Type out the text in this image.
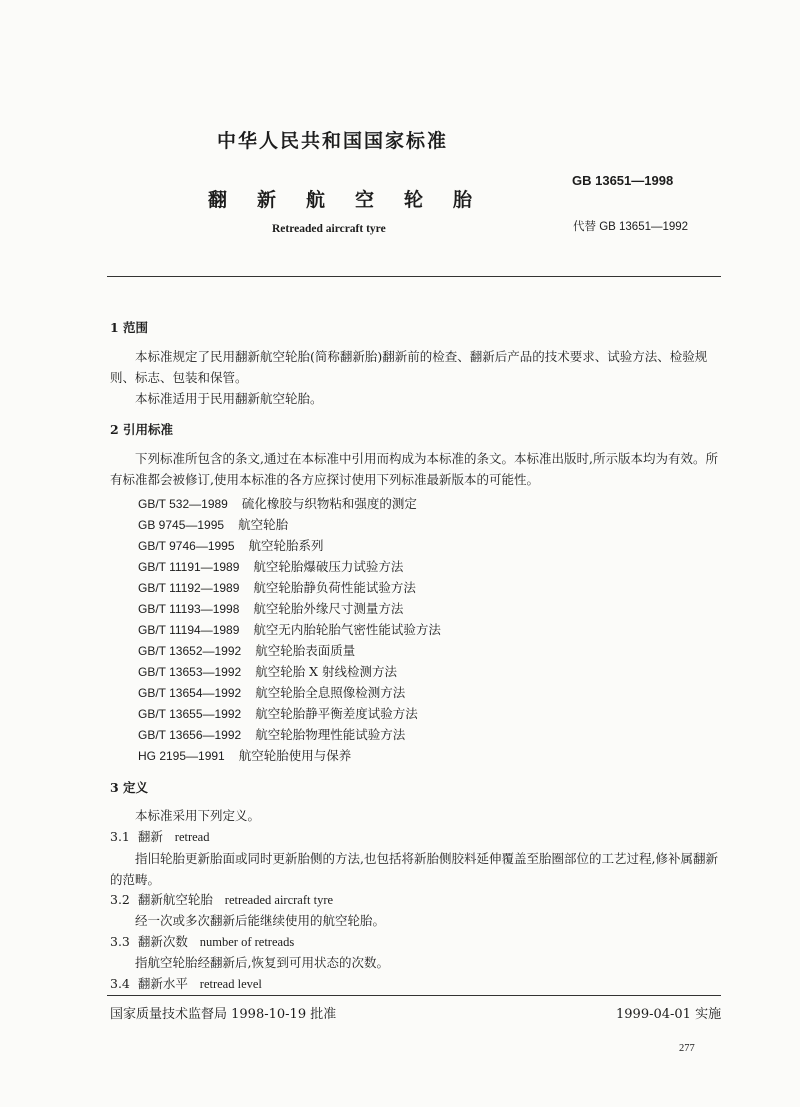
中华人民共和国国家标准
翻新航空轮胎
Retreaded aircraft tyre
GB 13651—1998
代替 GB 13651—1992
1 范围
本标准规定了民用翻新航空轮胎(简称翻新胎)翻新前的检查、翻新后产品的技术要求、试验方法、检验规则、标志、包装和保管。
本标准适用于民用翻新航空轮胎。
2 引用标准
下列标准所包含的条文,通过在本标准中引用而构成为本标准的条文。本标准出版时,所示版本均为有效。所有标准都会被修订,使用本标准的各方应探讨使用下列标准最新版本的可能性。
GB/T 532—1989 硫化橡胶与织物粘和强度的测定
GB 9745—1995 航空轮胎
GB/T 9746—1995 航空轮胎系列
GB/T 11191—1989 航空轮胎爆破压力试验方法
GB/T 11192—1989 航空轮胎静负荷性能试验方法
GB/T 11193—1998 航空轮胎外缘尺寸测量方法
GB/T 11194—1989 航空无内胎轮胎气密性能试验方法
GB/T 13652—1992 航空轮胎表面质量
GB/T 13653—1992 航空轮胎 X 射线检测方法
GB/T 13654—1992 航空轮胎全息照像检测方法
GB/T 13655—1992 航空轮胎静平衡差度试验方法
GB/T 13656—1992 航空轮胎物理性能试验方法
HG 2195—1991 航空轮胎使用与保养
3 定义
本标准采用下列定义。
3.1 翻新 retread
指旧轮胎更新胎面或同时更新胎侧的方法,也包括将新胎侧胶料延伸覆盖至胎圈部位的工艺过程,修补属翻新的范畴。
3.2 翻新航空轮胎 retreaded aircraft tyre
经一次或多次翻新后能继续使用的航空轮胎。
3.3 翻新次数 number of retreads
指航空轮胎经翻新后,恢复到可用状态的次数。
3.4 翻新水平 retread level
国家质量技术监督局 1998-10-19 批准	1999-04-01 实施
277
